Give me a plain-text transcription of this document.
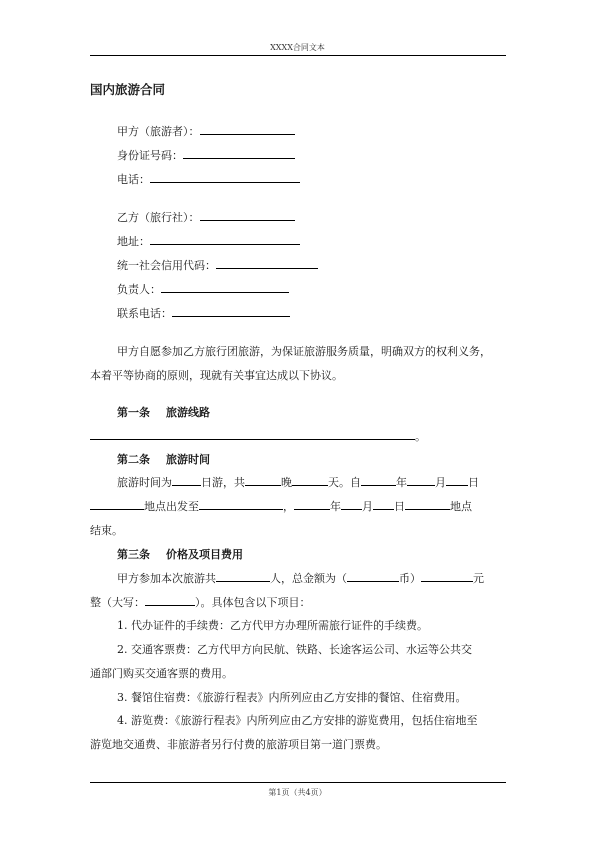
XXXX合同文本
国内旅游合同
甲方（旅游者）：
身份证号码：
电话：
乙方（旅行社）：
地址：
统一社会信用代码：
负责人：
联系电话：
甲方自愿参加乙方旅行团旅游，为保证旅游服务质量，明确双方的权利义务，
本着平等协商的原则，现就有关事宜达成以下协议。
第一条 旅游线路
。
第二条 旅游时间
旅游时间为	日游，共	晚	天。自	年	月 日
地点出发至	，	年 月 日	地点
结束。
第三条 价格及项目费用
甲方参加本次旅游共	人，总金额为（	币）	元
整（大写：	）。具体包含以下项目：
1. 代办证件的手续费：乙方代甲方办理所需旅行证件的手续费。
2. 交通客票费：乙方代甲方向民航、铁路、长途客运公司、水运等公共交
通部门购买交通客票的费用。
3. 餐馆住宿费：《旅游行程表》内所列应由乙方安排的餐馆、住宿费用。
4. 游览费：《旅游行程表》内所列应由乙方安排的游览费用，包括住宿地至
游览地交通费、非旅游者另行付费的旅游项目第一道门票费。
第1页（共4页）
